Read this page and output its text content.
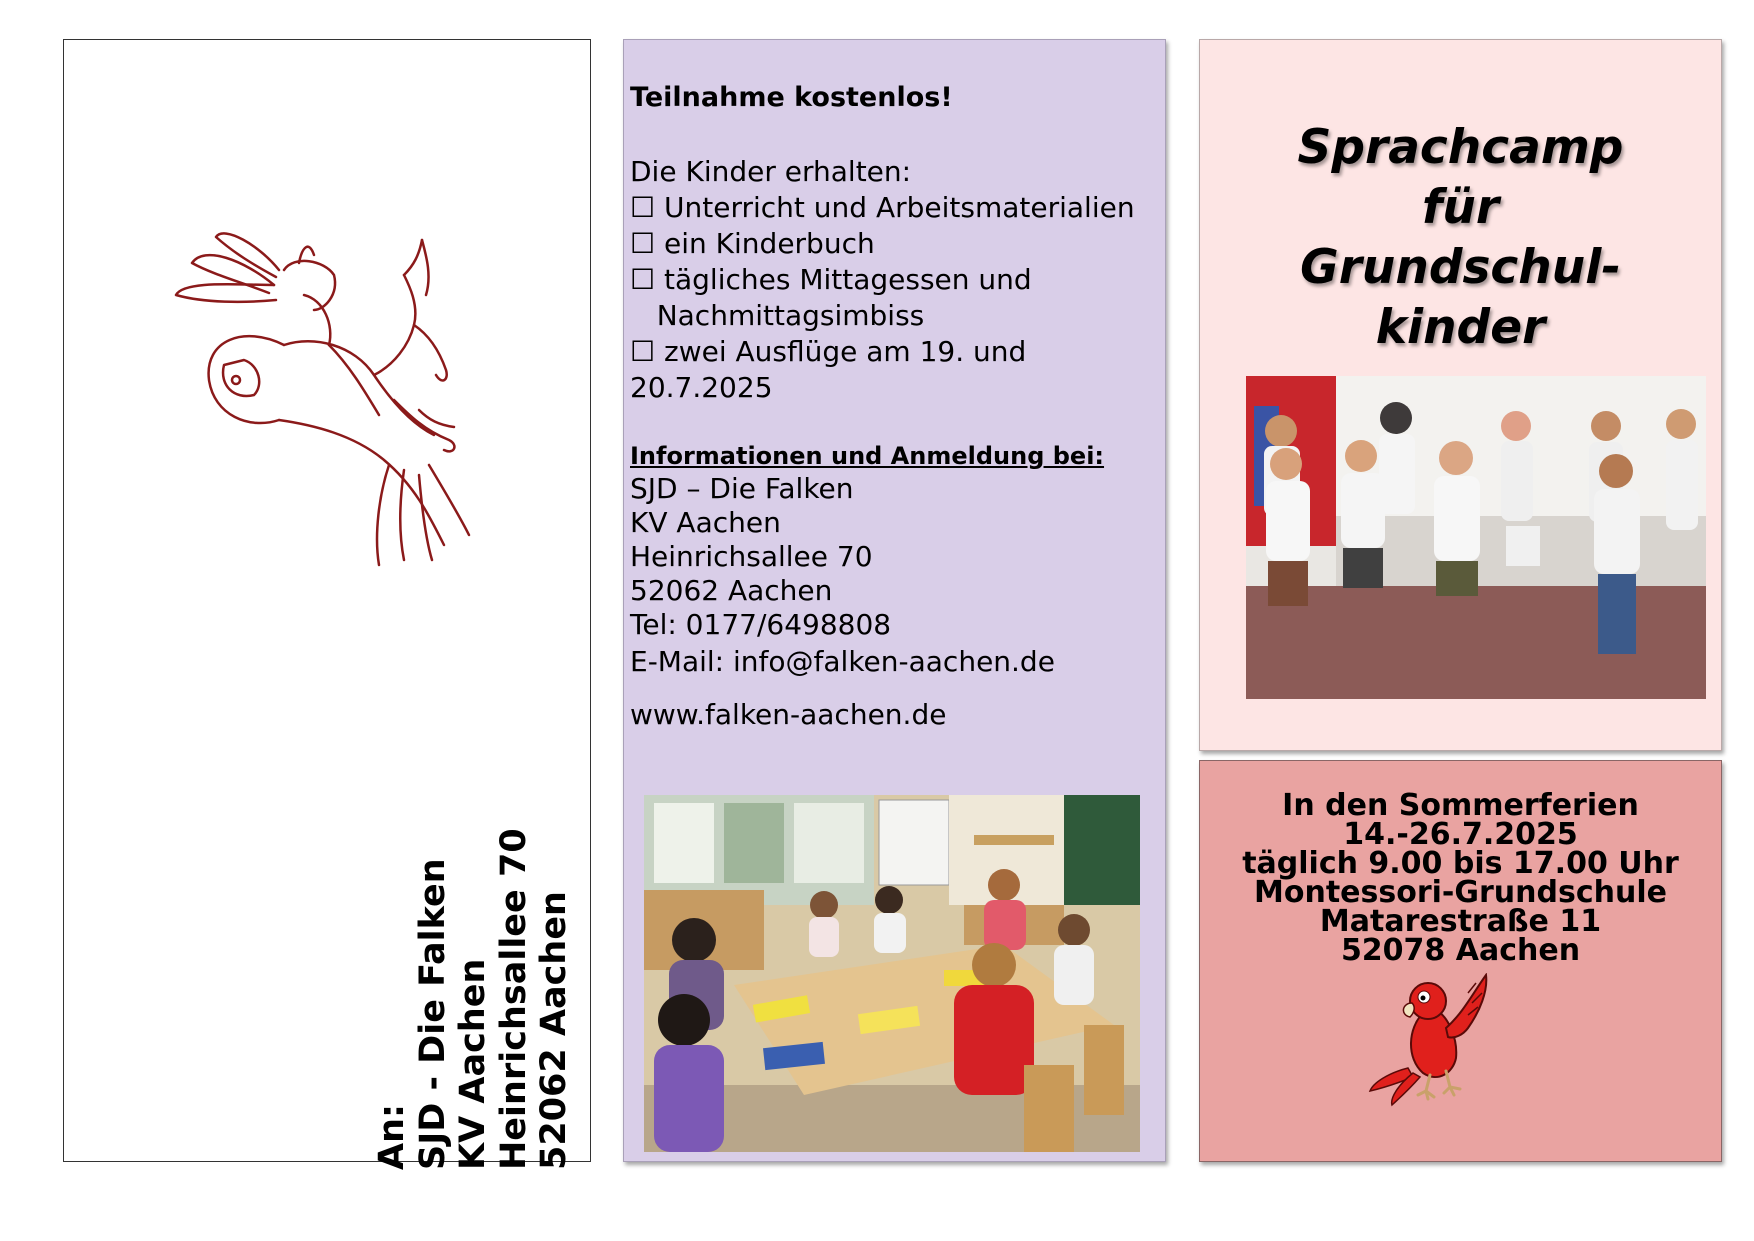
An: SJD - Die Falken KV Aachen Heinrichsallee 70 52062 Aachen
Teilnahme kostenlos!
Die Kinder erhalten:
☐ Unterricht und Arbeitsmaterialien
☐ ein Kinderbuch
☐ tägliches Mittagessen und
Nachmittagsimbiss
☐ zwei Ausflüge am 19. und
20.7.2025
Informationen und Anmeldung bei:
SJD – Die Falken
KV Aachen
Heinrichsallee 70
52062 Aachen
Tel: 0177/6498808
E-Mail: info@falken-aachen.de
www.falken-aachen.de
Sprachcamp
für
Grundschul-
kinder
In den Sommerferien
14.-26.7.2025
täglich 9.00 bis 17.00 Uhr
Montessori-Grundschule
Matarestraße 11
52078 Aachen
